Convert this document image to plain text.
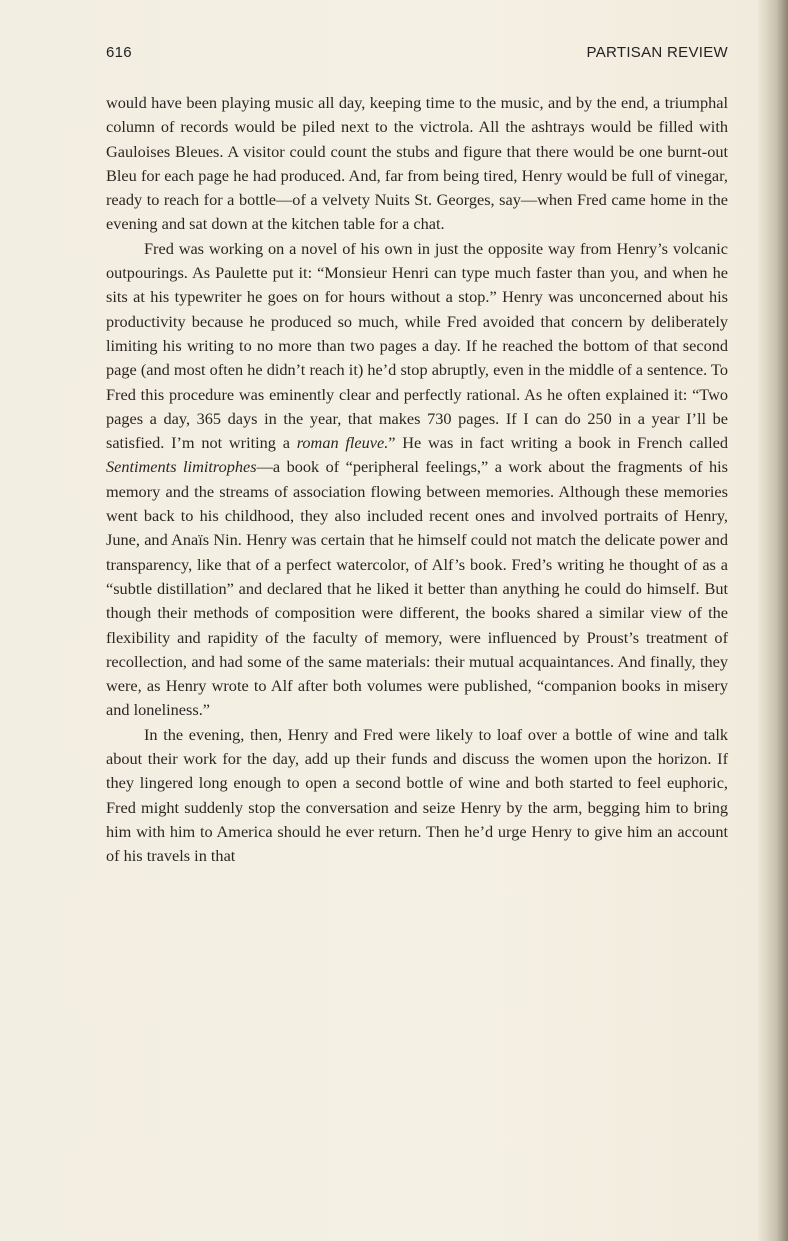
616	PARTISAN REVIEW

would have been playing music all day, keeping time to the music, and by the end, a triumphal column of records would be piled next to the victrola. All the ashtrays would be filled with Gauloises Bleues. A visitor could count the stubs and figure that there would be one burnt-out Bleu for each page he had produced. And, far from being tired, Henry would be full of vinegar, ready to reach for a bottle—of a velvety Nuits St. Georges, say—when Fred came home in the evening and sat down at the kitchen table for a chat.

Fred was working on a novel of his own in just the opposite way from Henry’s volcanic outpourings. As Paulette put it: “Monsieur Henri can type much faster than you, and when he sits at his typewriter he goes on for hours without a stop.” Henry was unconcerned about his productivity because he produced so much, while Fred avoided that concern by deliberately limiting his writing to no more than two pages a day. If he reached the bottom of that second page (and most often he didn’t reach it) he’d stop abruptly, even in the middle of a sentence. To Fred this procedure was eminently clear and perfectly rational. As he often explained it: “Two pages a day, 365 days in the year, that makes 730 pages. If I can do 250 in a year I’ll be satisfied. I’m not writing a roman fleuve.” He was in fact writing a book in French called Sentiments limitrophes—a book of “peripheral feelings,” a work about the fragments of his memory and the streams of association flowing between memories. Although these memories went back to his childhood, they also included recent ones and involved portraits of Henry, June, and Anaïs Nin. Henry was certain that he himself could not match the delicate power and transparency, like that of a perfect watercolor, of Alf’s book. Fred’s writing he thought of as a “subtle distillation” and declared that he liked it better than anything he could do himself. But though their methods of composition were different, the books shared a similar view of the flexibility and rapidity of the faculty of memory, were influenced by Proust’s treatment of recollection, and had some of the same materials: their mutual acquaintances. And finally, they were, as Henry wrote to Alf after both volumes were published, “companion books in misery and loneliness.”

In the evening, then, Henry and Fred were likely to loaf over a bottle of wine and talk about their work for the day, add up their funds and discuss the women upon the horizon. If they lingered long enough to open a second bottle of wine and both started to feel euphoric, Fred might suddenly stop the conversation and seize Henry by the arm, begging him to bring him with him to America should he ever return. Then he’d urge Henry to give him an account of his travels in that
